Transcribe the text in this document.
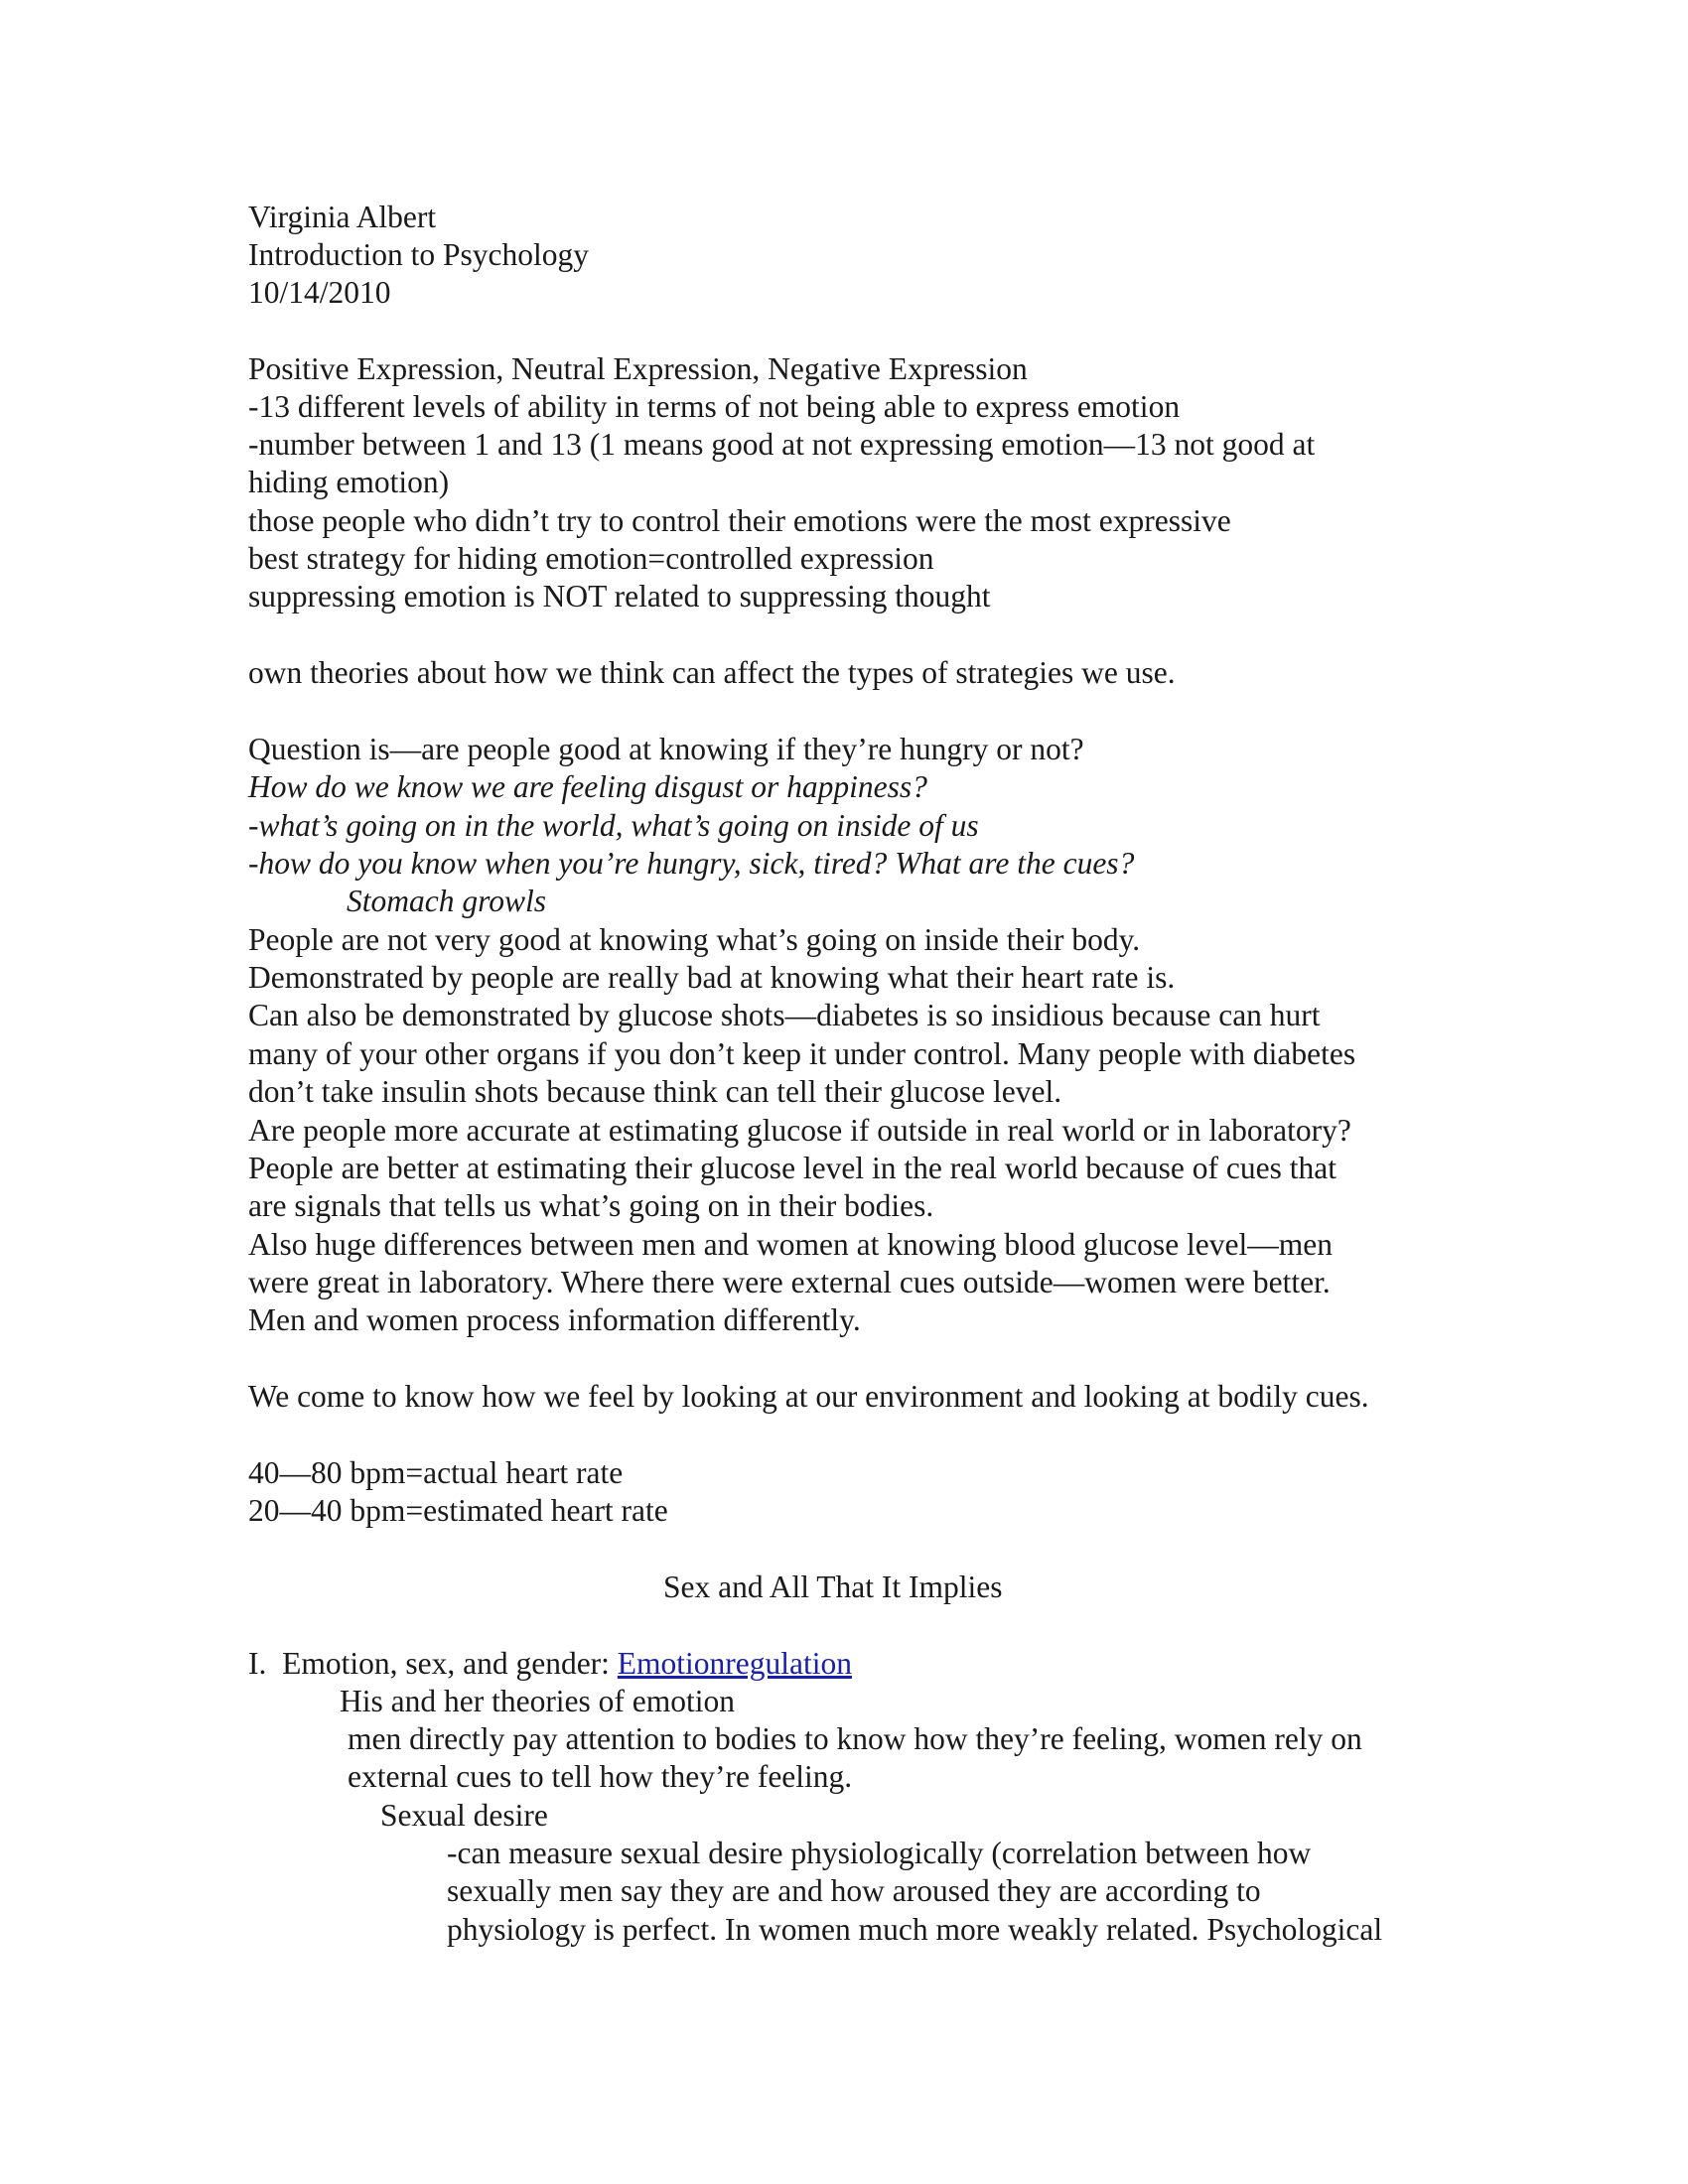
Virginia Albert

Introduction to Psychology

10/14/2010

Positive Expression, Neutral Expression, Negative Expression

-13 different levels of ability in terms of not being able to express emotion

-number between 1 and 13 (1 means good at not expressing emotion—13 not good at

hiding emotion)

those people who didn’t try to control their emotions were the most expressive

best strategy for hiding emotion=controlled expression

suppressing emotion is NOT related to suppressing thought

own theories about how we think can affect the types of strategies we use.

Question is—are people good at knowing if they’re hungry or not?

How do we know we are feeling disgust or happiness?

-what’s going on in the world, what’s going on inside of us

-how do you know when you’re hungry, sick, tired? What are the cues?

Stomach growls

People are not very good at knowing what’s going on inside their body.

Demonstrated by people are really bad at knowing what their heart rate is.

Can also be demonstrated by glucose shots—diabetes is so insidious because can hurt

many of your other organs if you don’t keep it under control. Many people with diabetes

don’t take insulin shots because think can tell their glucose level.

Are people more accurate at estimating glucose if outside in real world or in laboratory?

People are better at estimating their glucose level in the real world because of cues that

are signals that tells us what’s going on in their bodies.

Also huge differences between men and women at knowing blood glucose level—men

were great in laboratory. Where there were external cues outside—women were better.

Men and women process information differently.

We come to know how we feel by looking at our environment and looking at bodily cues.

40—80 bpm=actual heart rate

20—40 bpm=estimated heart rate

Sex and All That It Implies

I.  Emotion, sex, and gender: Emotionregulation

His and her theories of emotion

men directly pay attention to bodies to know how they’re feeling, women rely on

external cues to tell how they’re feeling.

Sexual desire

-can measure sexual desire physiologically (correlation between how

sexually men say they are and how aroused they are according to

physiology is perfect. In women much more weakly related. Psychological
